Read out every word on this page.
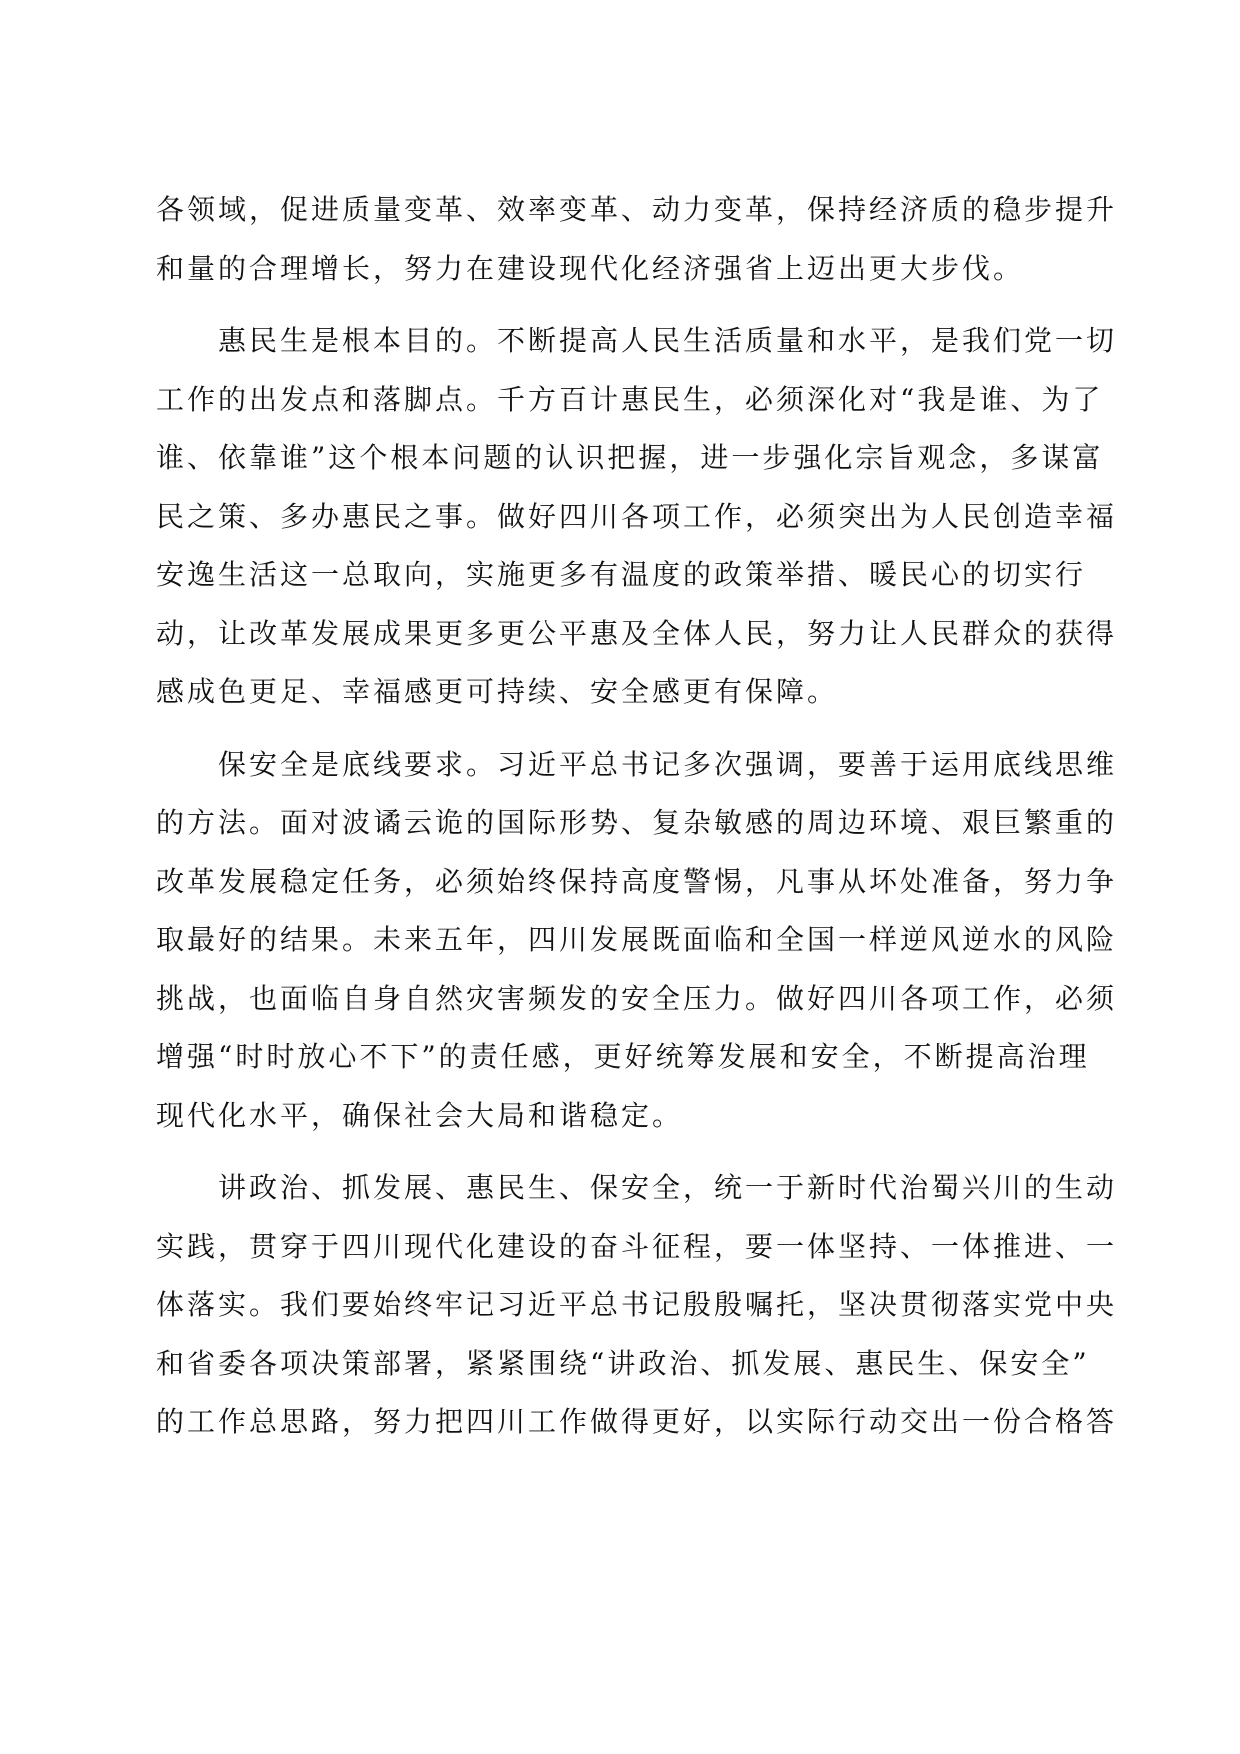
各领域，促进质量变革、效率变革、动力变革，保持经济质的稳步提升
和量的合理增长，努力在建设现代化经济强省上迈出更大步伐。
惠民生是根本目的。不断提高人民生活质量和水平，是我们党一切
工作的出发点和落脚点。千方百计惠民生，必须深化对“我是谁、为了
谁、依靠谁”这个根本问题的认识把握，进一步强化宗旨观念，多谋富
民之策、多办惠民之事。做好四川各项工作，必须突出为人民创造幸福
安逸生活这一总取向，实施更多有温度的政策举措、暖民心的切实行
动，让改革发展成果更多更公平惠及全体人民，努力让人民群众的获得
感成色更足、幸福感更可持续、安全感更有保障。
保安全是底线要求。习近平总书记多次强调，要善于运用底线思维
的方法。面对波谲云诡的国际形势、复杂敏感的周边环境、艰巨繁重的
改革发展稳定任务，必须始终保持高度警惕，凡事从坏处准备，努力争
取最好的结果。未来五年，四川发展既面临和全国一样逆风逆水的风险
挑战，也面临自身自然灾害频发的安全压力。做好四川各项工作，必须
增强“时时放心不下”的责任感，更好统筹发展和安全，不断提高治理
现代化水平，确保社会大局和谐稳定。
讲政治、抓发展、惠民生、保安全，统一于新时代治蜀兴川的生动
实践，贯穿于四川现代化建设的奋斗征程，要一体坚持、一体推进、一
体落实。我们要始终牢记习近平总书记殷殷嘱托，坚决贯彻落实党中央
和省委各项决策部署，紧紧围绕“讲政治、抓发展、惠民生、保安全”
的工作总思路，努力把四川工作做得更好，以实际行动交出一份合格答
